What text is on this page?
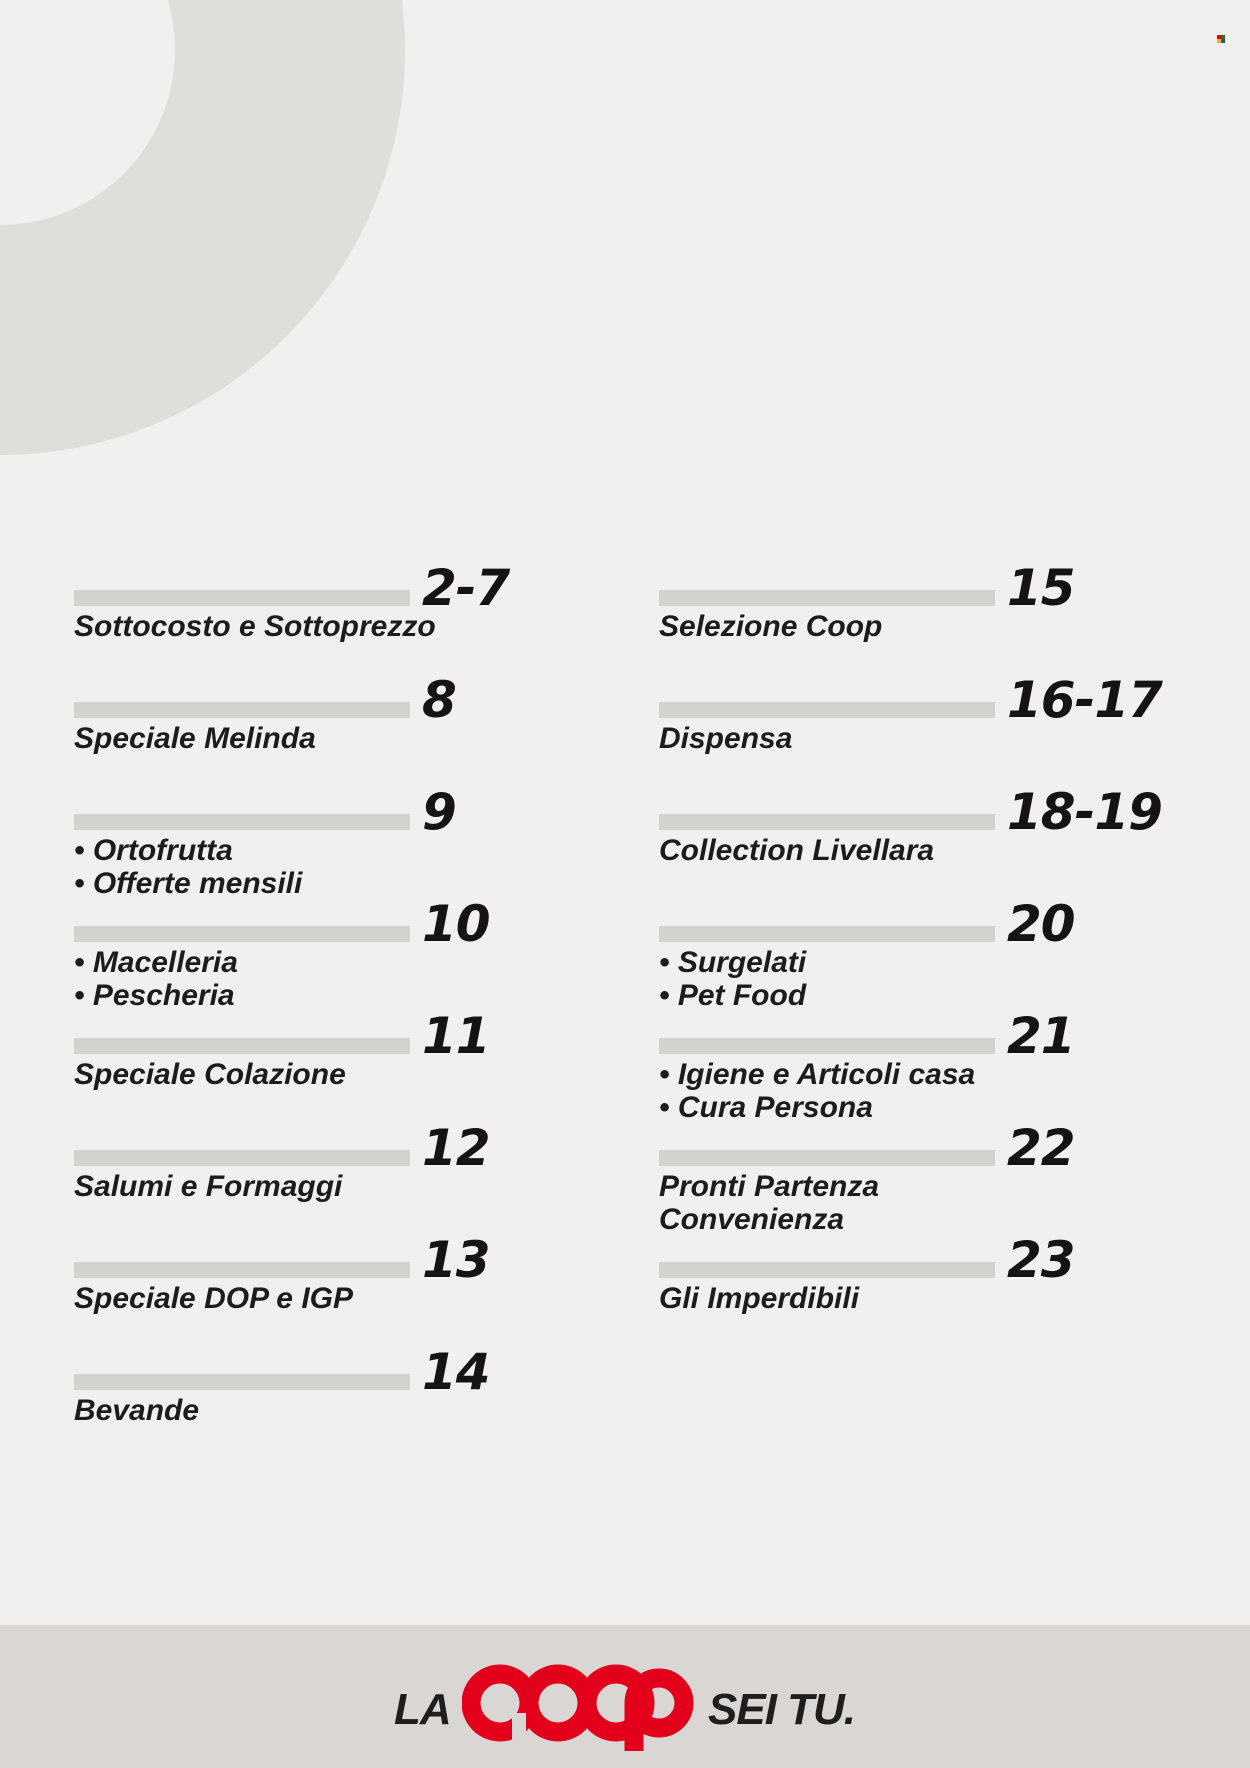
2-7
Sottocosto e Sottoprezzo
8
Speciale Melinda
9
• Ortofrutta
• Offerte mensili
10
• Macelleria
• Pescheria
11
Speciale Colazione
12
Salumi e Formaggi
13
Speciale DOP e IGP
14
Bevande
15
Selezione Coop
16-17
Dispensa
18-19
Collection Livellara
20
• Surgelati
• Pet Food
21
• Igiene e Articoli casa
• Cura Persona
22
Pronti Partenza
Convenienza
23
Gli Imperdibili
LA	SEI TU.
